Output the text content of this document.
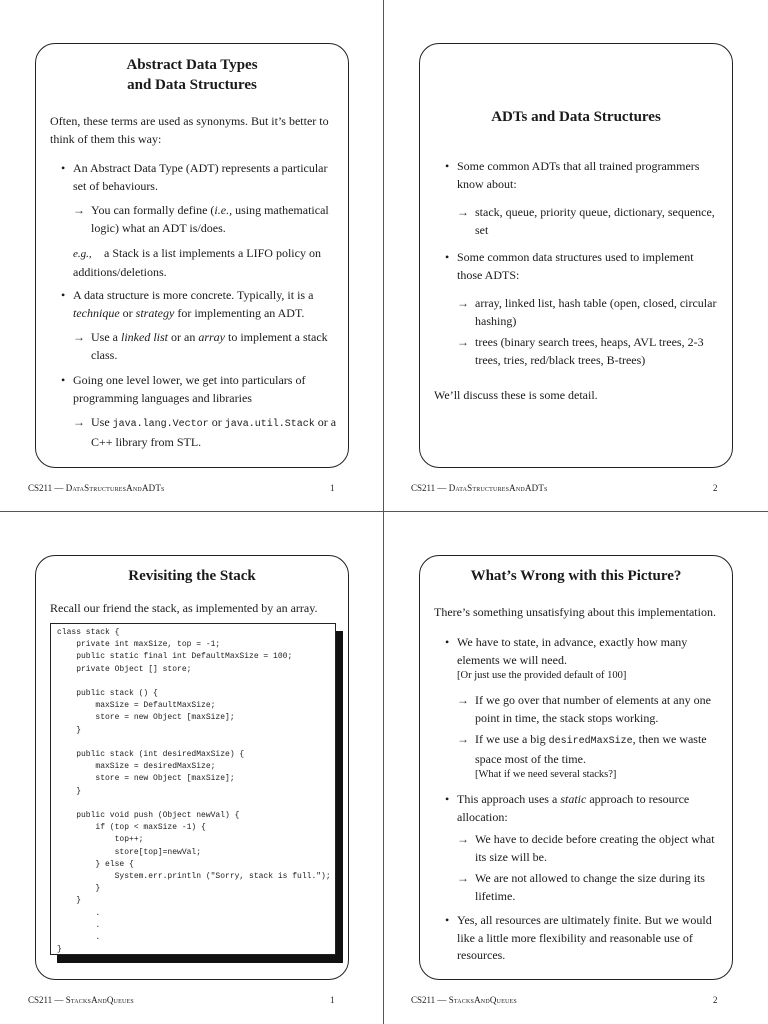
Abstract Data Types
and Data Structures
Often, these terms are used as synonyms. But it’s better to think of them this way:
• An Abstract Data Type (ADT) represents a particular set of behaviours.
→ You can formally define (i.e., using mathematical logic) what an ADT is/does.
e.g., a Stack is a list implements a LIFO policy on additions/deletions.
• A data structure is more concrete. Typically, it is a technique or strategy for implementing an ADT.
→ Use a linked list or an array to implement a stack class.
• Going one level lower, we get into particulars of programming languages and libraries
→ Use java.lang.Vector or java.util.Stack or a C++ library from STL.
ADTs and Data Structures
• Some common ADTs that all trained programmers know about:
→ stack, queue, priority queue, dictionary, sequence, set
• Some common data structures used to implement those ADTS:
→ array, linked list, hash table (open, closed, circular hashing)
→ trees (binary search trees, heaps, AVL trees, 2-3 trees, tries, red/black trees, B-trees)
We’ll discuss these is some detail.
Revisiting the Stack
Recall our friend the stack, as implemented by an array.
class stack {
private int maxSize, top = -1;
public static final int DefaultMaxSize = 100;
private Object [] store;

public stack () {
maxSize = DefaultMaxSize;
store = new Object [maxSize];
}

public stack (int desiredMaxSize) {
maxSize = desiredMaxSize;
store = new Object [maxSize];
}

public void push (Object newVal) {
if (top < maxSize -1) {
top++;
store[top]=newVal;
} else {
System.err.println ("Sorry, stack is full.");
}
}
.
.
.
}
What’s Wrong with this Picture?
There’s something unsatisfying about this implementation.
• We have to state, in advance, exactly how many elements we will need.
[Or just use the provided default of 100]
→ If we go over that number of elements at any one point in time, the stack stops working.
→ If we use a big desiredMaxSize, then we waste space most of the time.
[What if we need several stacks?]
• This approach uses a static approach to resource allocation:
→ We have to decide before creating the object what its size will be.
→ We are not allowed to change the size during its lifetime.
• Yes, all resources are ultimately finite. But we would like a little more flexibility and reasonable use of resources.
CS211 — DataStructuresAndADTs	1	CS211 — DataStructuresAndADTs	2
CS211 — StacksAndQueues	1	CS211 — StacksAndQueues	2
